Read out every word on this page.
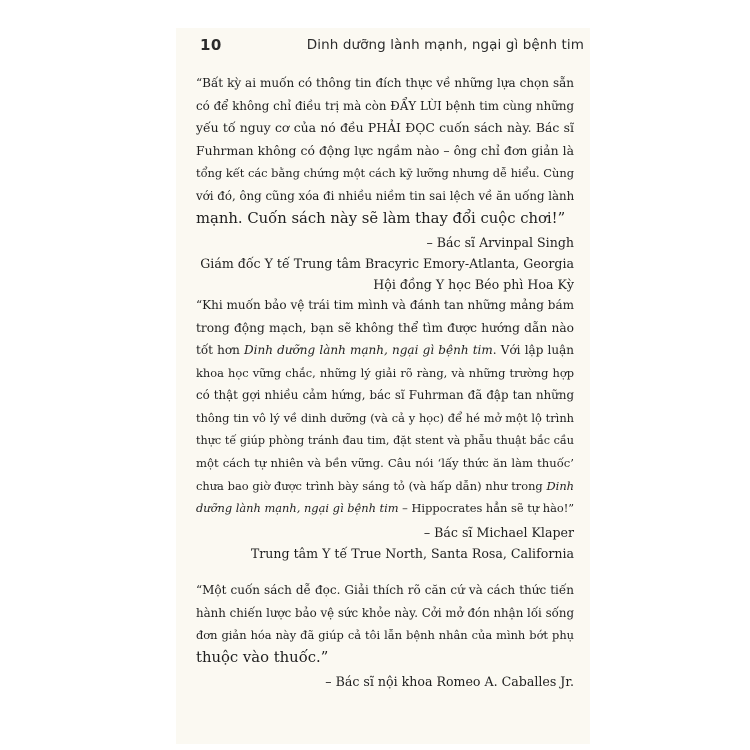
10	Dinh dưỡng lành mạnh, ngại gì bệnh tim

“Bất kỳ ai muốn có thông tin đích thực về những lựa chọn sẵn
có để không chỉ điều trị mà còn ĐẨY LÙI bệnh tim cùng những
yếu tố nguy cơ của nó đều PHẢI ĐỌC cuốn sách này. Bác sĩ
Fuhrman không có động lực ngầm nào – ông chỉ đơn giản là
tổng kết các bằng chứng một cách kỹ lưỡng nhưng dễ hiểu. Cùng
với đó, ông cũng xóa đi nhiều niềm tin sai lệch về ăn uống lành
mạnh. Cuốn sách này sẽ làm thay đổi cuộc chơi!”

– Bác sĩ Arvinpal Singh
Giám đốc Y tế Trung tâm Bracyric Emory-Atlanta, Georgia
Hội đồng Y học Béo phì Hoa Kỳ

“Khi muốn bảo vệ trái tim mình và đánh tan những mảng bám
trong động mạch, bạn sẽ không thể tìm được hướng dẫn nào
tốt hơn Dinh dưỡng lành mạnh, ngại gì bệnh tim. Với lập luận
khoa học vững chắc, những lý giải rõ ràng, và những trường hợp
có thật gợi nhiều cảm hứng, bác sĩ Fuhrman đã đập tan những
thông tin vô lý về dinh dưỡng (và cả y học) để hé mở một lộ trình
thực tế giúp phòng tránh đau tim, đặt stent và phẫu thuật bắc cầu
một cách tự nhiên và bền vững. Câu nói ‘lấy thức ăn làm thuốc’
chưa bao giờ được trình bày sáng tỏ (và hấp dẫn) như trong Dinh
dưỡng lành mạnh, ngại gì bệnh tim – Hippocrates hẳn sẽ tự hào!”

– Bác sĩ Michael Klaper
Trung tâm Y tế True North, Santa Rosa, California

“Một cuốn sách dễ đọc. Giải thích rõ căn cứ và cách thức tiến
hành chiến lược bảo vệ sức khỏe này. Cởi mở đón nhận lối sống
đơn giản hóa này đã giúp cả tôi lẫn bệnh nhân của mình bớt phụ
thuộc vào thuốc.”

– Bác sĩ nội khoa Romeo A. Caballes Jr.
